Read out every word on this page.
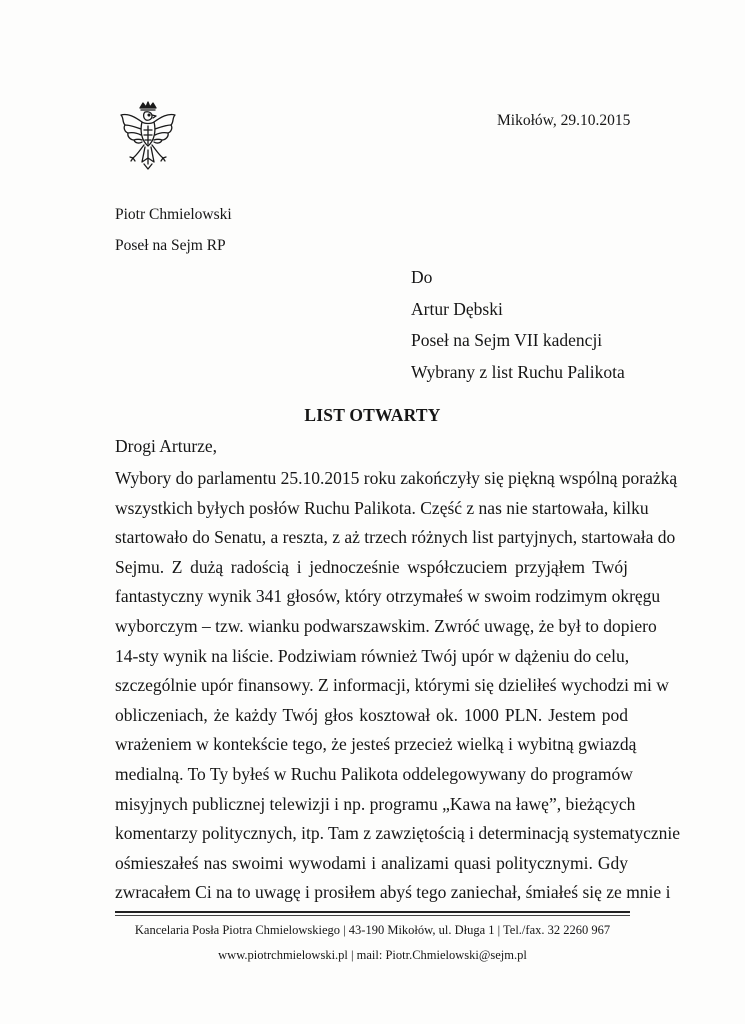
Mikołów, 29.10.2015
Piotr Chmielowski
Poseł na Sejm RP
Do
Artur Dębski
Poseł na Sejm VII kadencji
Wybrany z list Ruchu Palikota
LIST OTWARTY
Drogi Arturze,
Wybory do parlamentu 25.10.2015 roku zakończyły się piękną wspólną porażką
wszystkich byłych posłów Ruchu Palikota. Część z nas nie startowała, kilku
startowało do Senatu, a reszta, z aż trzech różnych list partyjnych, startowała do
Sejmu. Z dużą radością i jednocześnie współczuciem przyjąłem Twój
fantastyczny wynik 341 głosów, który otrzymałeś w swoim rodzimym okręgu
wyborczym – tzw. wianku podwarszawskim. Zwróć uwagę, że był to dopiero
14-sty wynik na liście. Podziwiam również Twój upór w dążeniu do celu,
szczególnie upór finansowy. Z informacji, którymi się dzieliłeś wychodzi mi w
obliczeniach, że każdy Twój głos kosztował ok. 1000 PLN. Jestem pod
wrażeniem w kontekście tego, że jesteś przecież wielką i wybitną gwiazdą
medialną. To Ty byłeś w Ruchu Palikota oddelegowywany do programów
misyjnych publicznej telewizji i np. programu „Kawa na ławę”, bieżących
komentarzy politycznych, itp. Tam z zawziętością i determinacją systematycznie
ośmieszałeś nas swoimi wywodami i analizami quasi politycznymi. Gdy
zwracałem Ci na to uwagę i prosiłem abyś tego zaniechał, śmiałeś się ze mnie i
Kancelaria Posła Piotra Chmielowskiego | 43-190 Mikołów, ul. Długa 1 | Tel./fax. 32 2260 967
www.piotrchmielowski.pl | mail: Piotr.Chmielowski@sejm.pl
